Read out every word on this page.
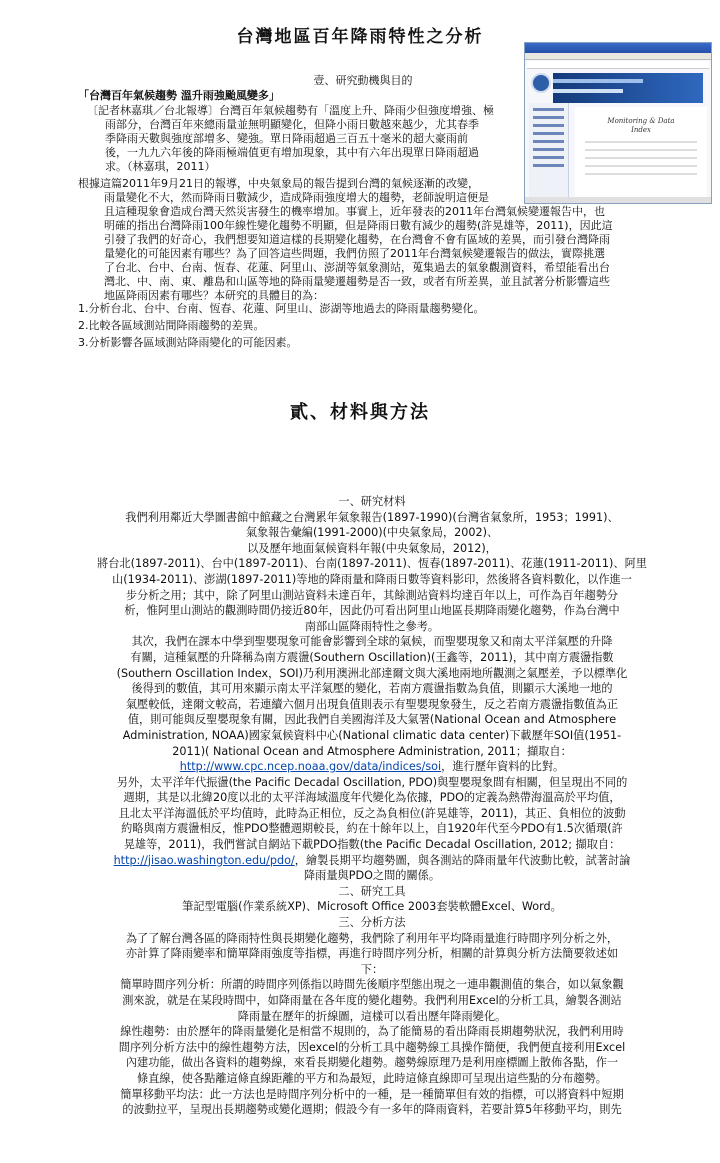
台灣地區百年降雨特性之分析
Monitoring & Data
Index
壹、研究動機與目的
「台灣百年氣候趨勢 溫升雨強颱風變多」
〔記者林嘉琪／台北報導〕台灣百年氣候趨勢有「溫度上升、降雨少但強度增強、極
雨部分，台灣百年來總雨量並無明顯變化，但降小雨日數越來越少，尤其春季
季降雨天數與強度部增多、變強。單日降雨超過三百五十毫米的超大豪雨前
後，一九九六年後的降雨極端值更有增加現象，其中有六年出現單日降雨超過
求。（林嘉琪，2011）
根據這篇2011年9月21日的報導，中央氣象局的報告提到台灣的氣候逐漸的改變，
雨量變化不大，然而降雨日數減少，造成降雨強度增大的趨勢，老師說明這便是
且這種現象會造成台灣天然災害發生的機率增加。事實上，近年發表的2011年台灣氣候變遷報告中，也
明確的指出台灣降雨100年線性變化趨勢不明顯，但是降雨日數有減少的趨勢(許晃雄等，2011)，因此這
引發了我們的好奇心，我們想要知道這樣的長期變化趨勢，在台灣會不會有區域的差異，而引發台灣降雨
量變化的可能因素有哪些？為了回答這些問題，我們仿照了2011年台灣氣候變遷報告的做法，實際挑選
了台北、台中、台南、恆春、花蓮、阿里山、澎湖等氣象測站，蒐集過去的氣象觀測資料，希望能看出台
灣北、中、南、東、離島和山區等地的降雨量變遷趨勢是否一致，或者有所差異，並且試著分析影響這些
地區降雨因素有哪些？本研究的具體目的為：
1.分析台北、台中、台南、恆春、花蓮、阿里山、澎湖等地過去的降雨量趨勢變化。
2.比較各區域測站間降雨趨勢的差異。
3.分析影響各區域測站降雨變化的可能因素。
貳、材料與方法

一、研究材料

我們利用鄰近大學圖書館中館藏之台灣累年氣象報告(1897-1990)(台灣省氣象所，1953；1991)、

氣象報告彙編(1991-2000)(中央氣象局，2002)、

以及歷年地面氣候資料年報(中央氣象局，2012)，

將台北(1897-2011)、台中(1897-2011)、台南(1897-2011)、恆春(1897-2011)、花蓮(1911-2011)、阿里

山(1934-2011)、澎湖(1897-2011)等地的降雨量和降雨日數等資料影印，然後將各資料數化，以作進一

步分析之用；其中，除了阿里山測站資料未達百年，其餘測站資料均達百年以上，可作為百年趨勢分

析，惟阿里山測站的觀測時間仍接近80年，因此仍可看出阿里山地區長期降雨變化趨勢，作為台灣中

南部山區降雨特性之參考。

其次，我們在課本中學到聖嬰現象可能會影響到全球的氣候，而聖嬰現象又和南太平洋氣壓的升降

有關，這種氣壓的升降稱為南方震盪(Southern Oscillation)(王鑫等，2011)，其中南方震盪指數

(Southern Oscillation Index，SOI)乃利用澳洲北部達爾文與大溪地兩地所觀測之氣壓差，予以標準化

後得到的數值，其可用來顯示南太平洋氣壓的變化，若南方震盪指數為負值，則顯示大溪地一地的

氣壓較低，達爾文較高，若連續六個月出現負值則表示有聖嬰現象發生，反之若南方震盪指數值為正

值，則可能與反聖嬰現象有關，因此我們自美國海洋及大氣署(National Ocean and Atmosphere

Administration, NOAA)國家氣候資料中心(National climatic data center)下載歷年SOI值(1951-

2011)( National Ocean and Atmosphere Administration, 2011；擷取自：

http://www.cpc.ncep.noaa.gov/data/indices/soi，進行歷年資料的比對。

另外，太平洋年代振盪(the Pacific Decadal Oscillation, PDO)與聖嬰現象間有相關，但呈現出不同的

週期，其是以北緯20度以北的太平洋海域溫度年代變化為依據，PDO的定義為熱帶海溫高於平均值，

且北太平洋海溫低於平均值時，此時為正相位，反之為負相位(許晃雄等，2011)，其正、負相位的波動

約略與南方震盪相反，惟PDO整體週期較長，約在十餘年以上，自1920年代至今PDO有1.5次循環(許

晃雄等，2011)，我們嘗試自網站下載PDO指數(the Pacific Decadal Oscillation, 2012; 擷取自：

http://jisao.washington.edu/pdo/，繪製長期平均趨勢圖，與各測站的降雨量年代波動比較，試著討論

降雨量與PDO之間的關係。

二、研究工具

筆記型電腦(作業系統XP)、Microsoft Office 2003套裝軟體Excel、Word。

三、分析方法

為了了解台灣各區的降雨特性與長期變化趨勢，我們除了利用年平均降雨量進行時間序列分析之外，

亦計算了降雨變率和簡單降雨強度等指標，再進行時間序列分析，相關的計算與分析方法簡要敘述如

下：

簡單時間序列分析：所謂的時間序列係指以時間先後順序型態出現之一連串觀測值的集合，如以氣象觀

測來說，就是在某段時間中，如降雨量在各年度的變化趨勢。我們利用Excel的分析工具，繪製各測站

降雨量在歷年的折線圖，這樣可以看出歷年降雨變化。

線性趨勢：由於歷年的降雨量變化是相當不規則的，為了能簡易的看出降雨長期趨勢狀況，我們利用時

間序列分析方法中的線性趨勢方法，因excel的分析工具中趨勢線工具操作簡便，我們便直接利用Excel

內建功能，做出各資料的趨勢線，來看長期變化趨勢。趨勢線原理乃是利用座標圖上散佈各點，作一

條直線，使各點離這條直線距離的平方和為最短，此時這條直線即可呈現出這些點的分布趨勢。

簡單移動平均法：此一方法也是時間序列分析中的一種，是一種簡單但有效的指標，可以將資料中短期

的波動拉平，呈現出長期趨勢或變化週期；假設今有一多年的降雨資料，若要計算5年移動平均，則先
